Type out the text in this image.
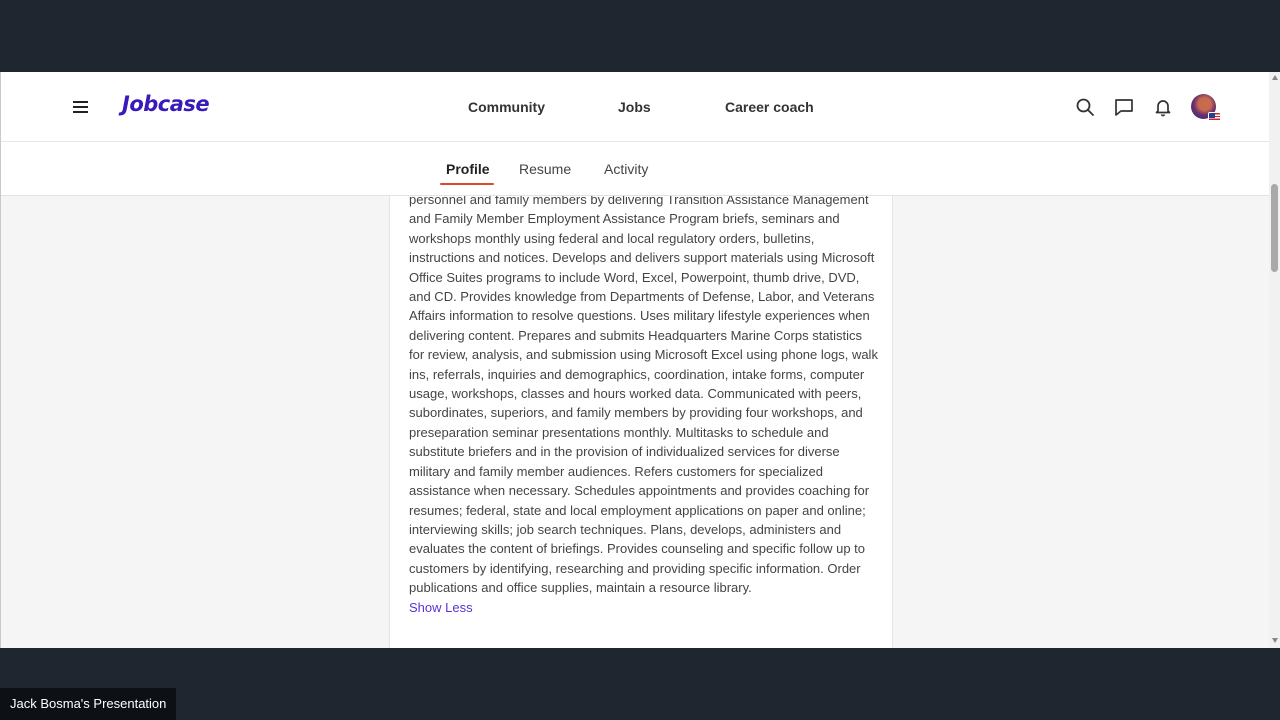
Jobcase	Community	Jobs	Career coach
Profile Resume Activity

personnel and family members by delivering Transition Assistance Management and Family Member Employment Assistance Program briefs, seminars and workshops monthly using federal and local regulatory orders, bulletins, instructions and notices. Develops and delivers support materials using Microsoft Office Suites programs to include Word, Excel, Powerpoint, thumb drive, DVD, and CD. Provides knowledge from Departments of Defense, Labor, and Veterans Affairs information to resolve questions. Uses military lifestyle experiences when delivering content. Prepares and submits Headquarters Marine Corps statistics for review, analysis, and submission using Microsoft Excel using phone logs, walk ins, referrals, inquiries and demographics, coordination, intake forms, computer usage, workshops, classes and hours worked data. Communicated with peers, subordinates, superiors, and family members by providing four workshops, and preseparation seminar presentations monthly. Multitasks to schedule and substitute briefers and in the provision of individualized services for diverse military and family member audiences. Refers customers for specialized assistance when necessary. Schedules appointments and provides coaching for resumes; federal, state and local employment applications on paper and online; interviewing skills; job search techniques. Plans, develops, administers and evaluates the content of briefings. Provides counseling and specific follow up to customers by identifying, researching and providing specific information. Order publications and office supplies, maintain a resource library.

Show Less
Jack Bosma's Presentation
